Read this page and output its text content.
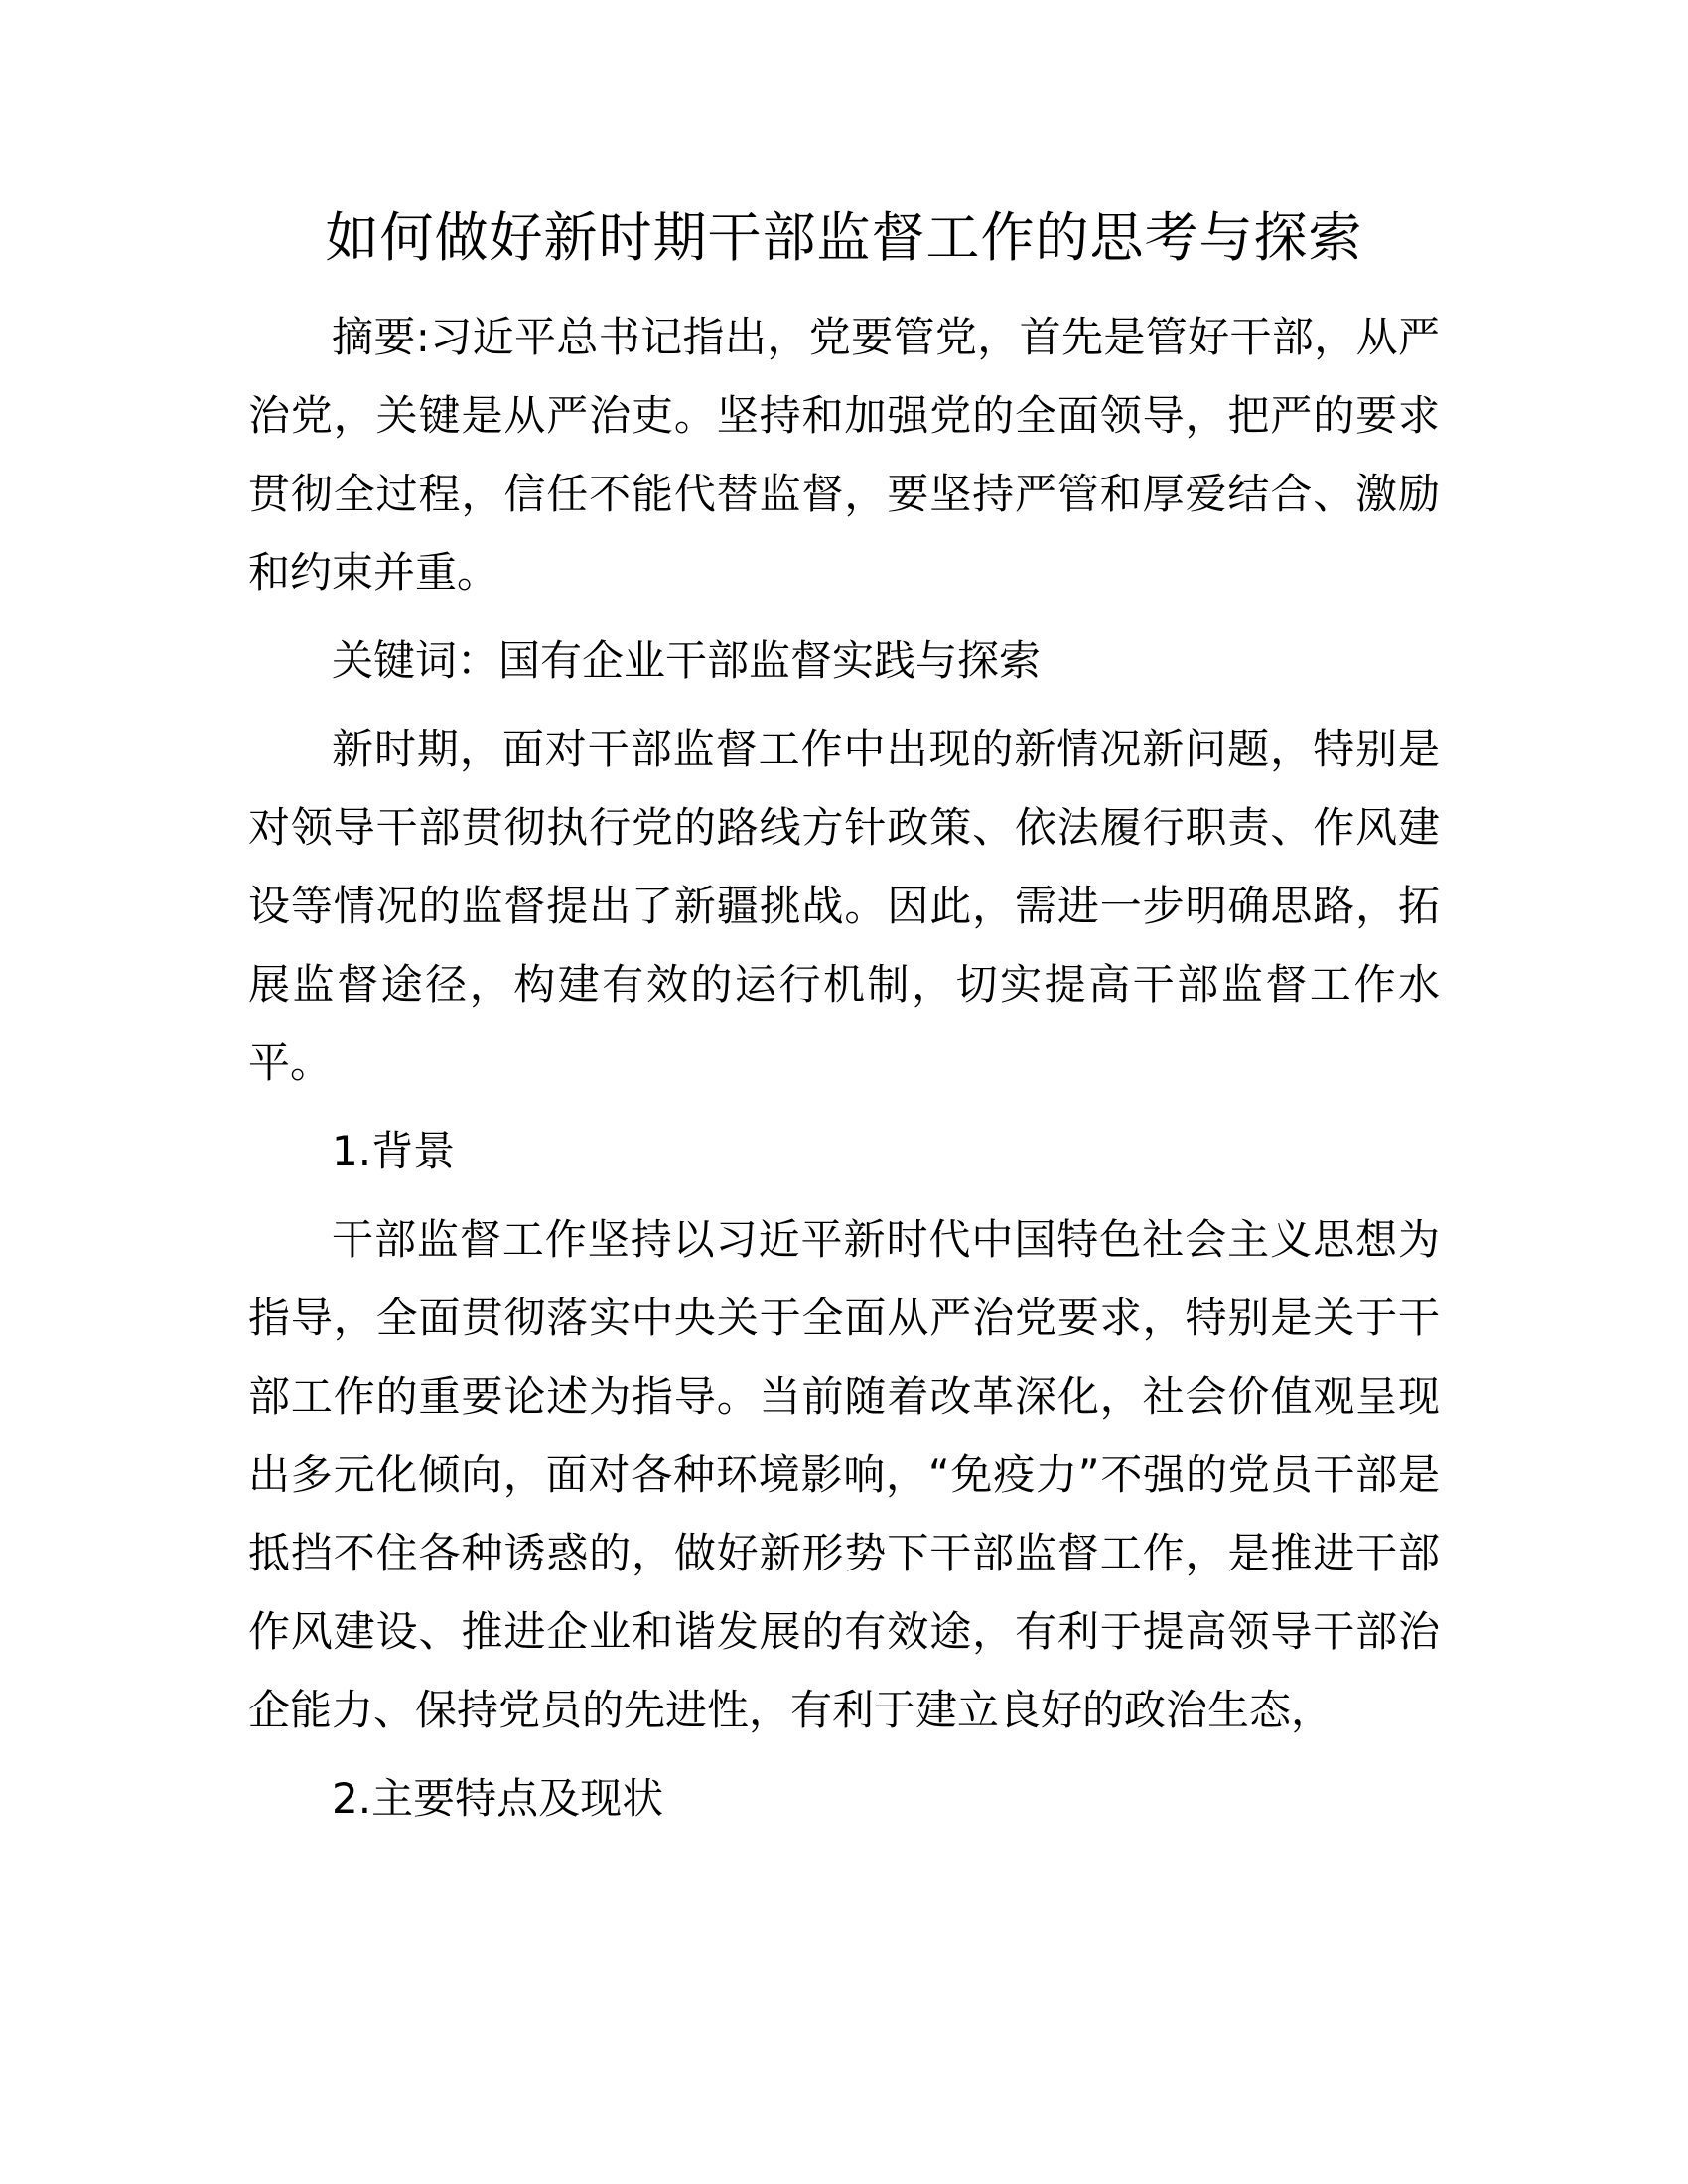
如何做好新时期干部监督工作的思考与探索

摘要:习近平总书记指出，党要管党，首先是管好干部，从严治党，关键是从严治吏。坚持和加强党的全面领导，把严的要求贯彻全过程，信任不能代替监督，要坚持严管和厚爱结合、激励和约束并重。

关键词：国有企业干部监督实践与探索

新时期，面对干部监督工作中出现的新情况新问题，特别是对领导干部贯彻执行党的路线方针政策、依法履行职责、作风建设等情况的监督提出了新疆挑战。因此，需进一步明确思路，拓展监督途径，构建有效的运行机制，切实提高干部监督工作水平。

1.背景

干部监督工作坚持以习近平新时代中国特色社会主义思想为指导，全面贯彻落实中央关于全面从严治党要求，特别是关于干部工作的重要论述为指导。当前随着改革深化，社会价值观呈现出多元化倾向，面对各种环境影响，“免疫力”不强的党员干部是抵挡不住各种诱惑的，做好新形势下干部监督工作，是推进干部作风建设、推进企业和谐发展的有效途，有利于提高领导干部治企能力、保持党员的先进性，有利于建立良好的政治生态，

2.主要特点及现状
